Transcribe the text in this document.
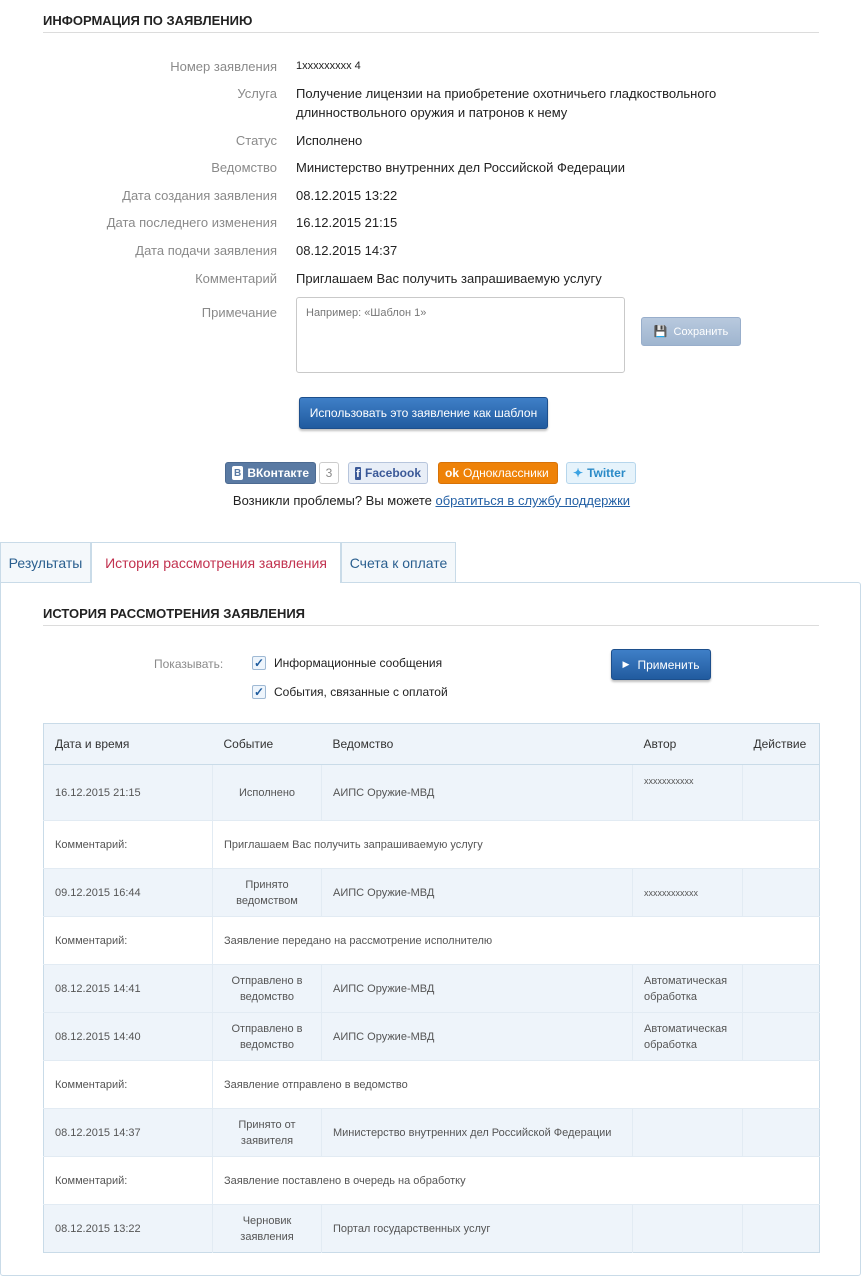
ИНФОРМАЦИЯ ПО ЗАЯВЛЕНИЮ
Номер заявления 1xxxxxxxxx 4
Услуга Получение лицензии на приобретение охотничьего гладкоствольного длинноствольного оружия и патронов к нему
Статус Исполнено
Ведомство Министерство внутренних дел Российской Федерации
Дата создания заявления 08.12.2015 13:22
Дата последнего изменения 16.12.2015 21:15
Дата подачи заявления 08.12.2015 14:37
Комментарий Приглашаем Вас получить запрашиваемую услугу
Примечание
Например: «Шаблон 1»
💾 Сохранить
Использовать это заявление как шаблон
В ВКонтакте	3	f Facebook ok Одноклассники ✦ Twitter
Возникли проблемы? Вы можете обратиться в службу поддержки
Результаты	История рассмотрения заявления	Счета к оплате
ИСТОРИЯ РАССМОТРЕНИЯ ЗАЯВЛЕНИЯ
Показывать:	✓ Информационные сообщения
✓ События, связанные с оплатой
▶ Применить
Дата и время	Событие	Ведомство	Автор	Действие
16.12.2015 21:15	Исполнено	АИПС Оружие-МВД	xxxxxxxxxxx	
Комментарий:	Приглашаем Вас получить запрашиваемую услугу			
09.12.2015 16:44	Принято ведомством	АИПС Оружие-МВД	xxxxxxxxxxxx	
Комментарий:	Заявление передано на рассмотрение исполнителю			
08.12.2015 14:41	Отправлено в ведомство	АИПС Оружие-МВД	Автоматическая обработка	
08.12.2015 14:40	Отправлено в ведомство	АИПС Оружие-МВД	Автоматическая обработка	
Комментарий:	Заявление отправлено в ведомство			
08.12.2015 14:37	Принято от заявителя	Министерство внутренних дел Российской Федерации		
Комментарий:	Заявление поставлено в очередь на обработку			
08.12.2015 13:22	Черновик заявления	Портал государственных услуг		
